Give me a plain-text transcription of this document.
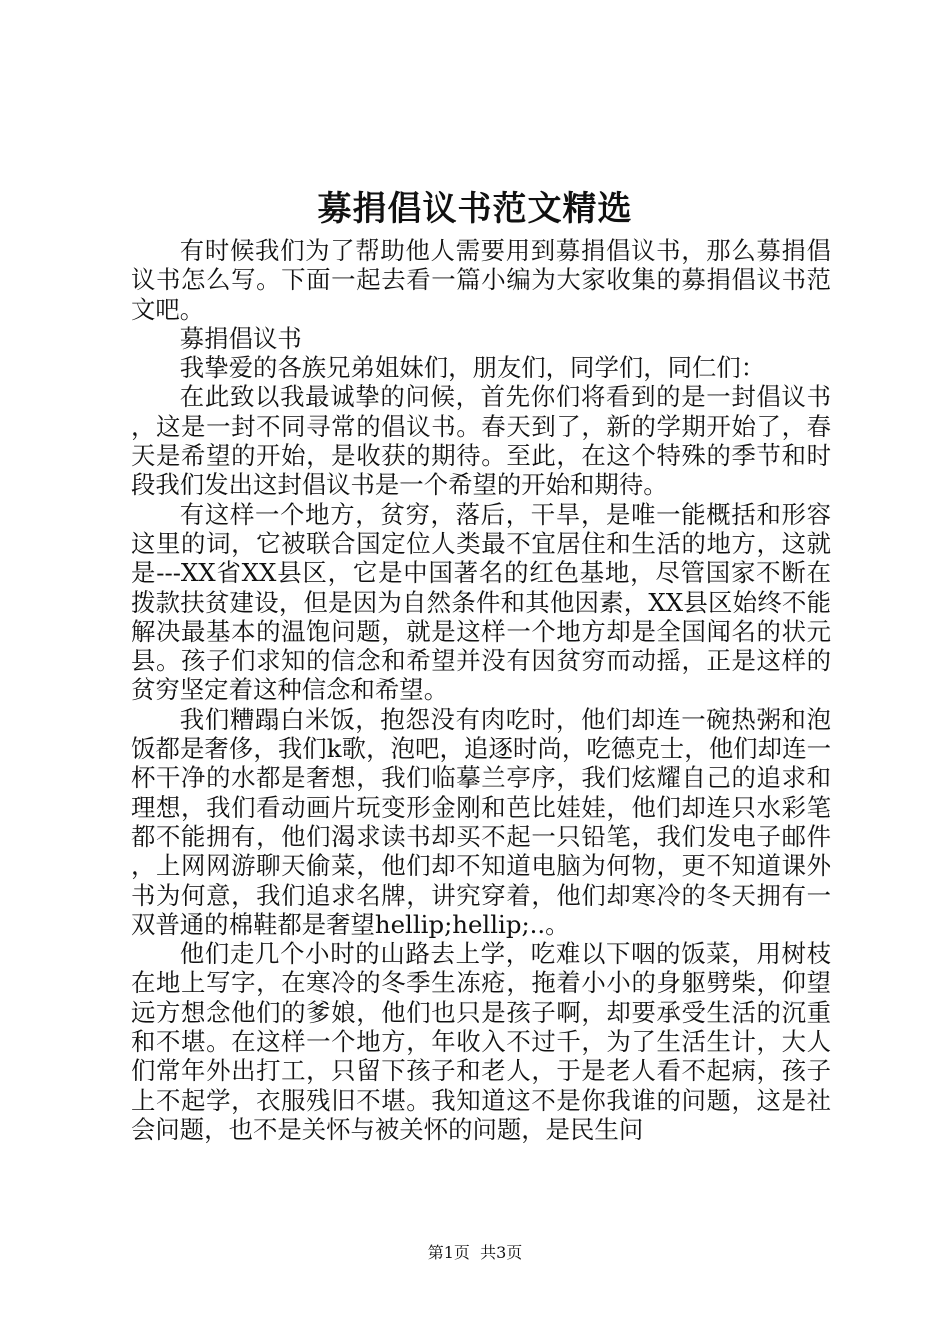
募捐倡议书范文精选

有时候我们为了帮助他人需要用到募捐倡议书，那么募捐倡议书怎么写。下面一起去看一篇小编为大家收集的募捐倡议书范文吧。

募捐倡议书

我挚爱的各族兄弟姐妹们，朋友们，同学们，同仁们：

在此致以我最诚挚的问候，首先你们将看到的是一封倡议书，这是一封不同寻常的倡议书。春天到了，新的学期开始了，春天是希望的开始，是收获的期待。至此，在这个特殊的季节和时段我们发出这封倡议书是一个希望的开始和期待。

有这样一个地方，贫穷，落后，干旱，是唯一能概括和形容这里的词，它被联合国定位人类最不宜居住和生活的地方，这就是---XX省XX县区，它是中国著名的红色基地，尽管国家不断在拨款扶贫建设，但是因为自然条件和其他因素，XX县区始终不能解决最基本的温饱问题，就是这样一个地方却是全国闻名的状元县。孩子们求知的信念和希望并没有因贫穷而动摇，正是这样的贫穷坚定着这种信念和希望。

我们糟蹋白米饭，抱怨没有肉吃时，他们却连一碗热粥和泡饭都是奢侈，我们k歌，泡吧，追逐时尚，吃德克士，他们却连一杯干净的水都是奢想，我们临摹兰亭序，我们炫耀自己的追求和理想，我们看动画片玩变形金刚和芭比娃娃，他们却连只水彩笔都不能拥有，他们渴求读书却买不起一只铅笔，我们发电子邮件，上网网游聊天偷菜，他们却不知道电脑为何物，更不知道课外书为何意，我们追求名牌，讲究穿着，他们却寒冷的冬天拥有一双普通的棉鞋都是奢望hellip;hellip;..。

他们走几个小时的山路去上学，吃难以下咽的饭菜，用树枝在地上写字，在寒冷的冬季生冻疮，拖着小小的身躯劈柴，仰望远方想念他们的爹娘，他们也只是孩子啊，却要承受生活的沉重和不堪。在这样一个地方，年收入不过千，为了生活生计，大人们常年外出打工，只留下孩子和老人，于是老人看不起病，孩子上不起学，衣服残旧不堪。我知道这不是你我谁的问题，这是社会问题，也不是关怀与被关怀的问题，是民生问

第1页 共3页
